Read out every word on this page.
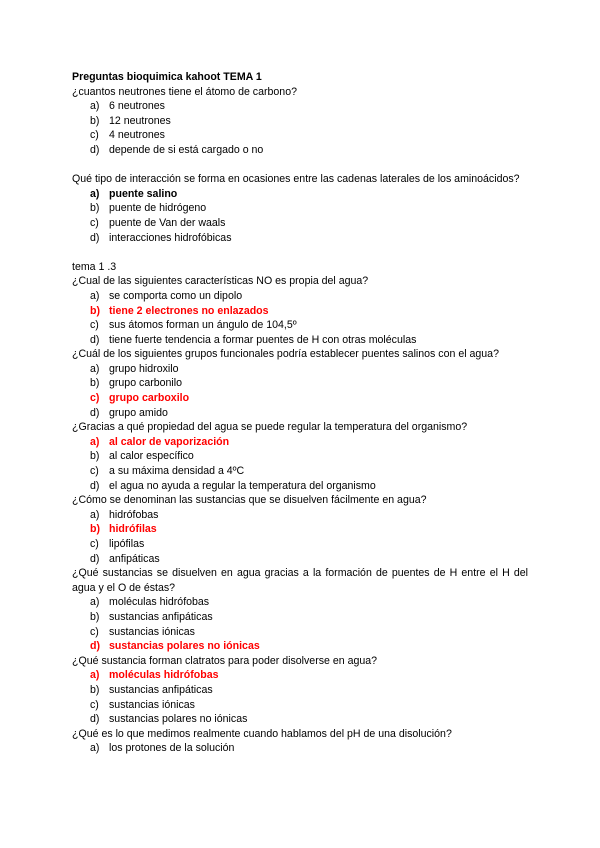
Preguntas bioquimica kahoot TEMA 1
¿cuantos neutrones tiene el átomo de carbono?
a) 6 neutrones
b) 12 neutrones
c) 4 neutrones
d) depende de si está cargado o no
Qué tipo de interacción se forma en ocasiones entre las cadenas laterales de los aminoácidos?
a) puente salino
b) puente de hidrógeno
c) puente de Van der waals
d) interacciones hidrofóbicas
tema 1 .3
¿Cual de las siguientes características NO es propia del agua?
a) se comporta como un dipolo
b) tiene 2 electrones no enlazados
c) sus átomos forman un ángulo de 104,5º
d) tiene fuerte tendencia a formar puentes de H con otras moléculas
¿Cuál de los siguientes grupos funcionales podría establecer puentes salinos con el agua?
a) grupo hidroxilo
b) grupo carbonilo
c) grupo carboxilo
d) grupo amido
¿Gracias a qué propiedad del agua se puede regular la temperatura del organismo?
a) al calor de vaporización
b) al calor específico
c) a su máxima densidad a 4ºC
d) el agua no ayuda a regular la temperatura del organismo
¿Cómo se denominan las sustancias que se disuelven fácilmente en agua?
a) hidrófobas
b) hidrófilas
c) lipófilas
d) anfipáticas
¿Qué sustancias se disuelven en agua gracias a la formación de puentes de H entre el H del agua y el O de éstas?
a) moléculas hidrófobas
b) sustancias anfipáticas
c) sustancias iónicas
d) sustancias polares no iónicas
¿Qué sustancia forman clatratos para poder disolverse en agua?
a) moléculas hidrófobas
b) sustancias anfipáticas
c) sustancias iónicas
d) sustancias polares no iónicas
¿Qué es lo que medimos realmente cuando hablamos del pH de una disolución?
a) los protones de la solución
